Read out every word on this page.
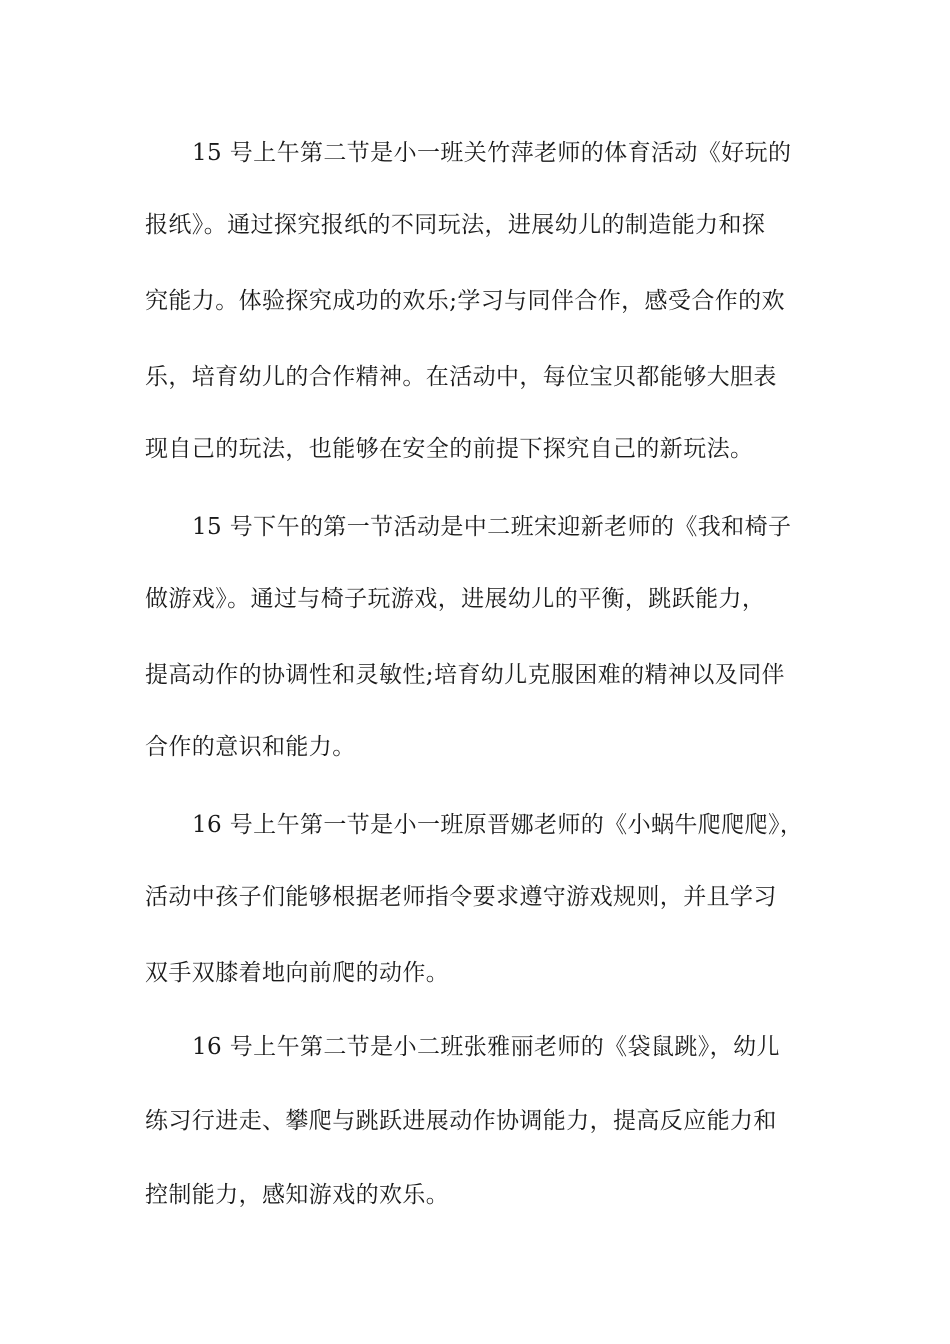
15 号上午第二节是小一班关竹萍老师的体育活动《好玩的
报纸》。通过探究报纸的不同玩法，进展幼儿的制造能力和探
究能力。体验探究成功的欢乐;学习与同伴合作，感受合作的欢
乐，培育幼儿的合作精神。在活动中，每位宝贝都能够大胆表
现自己的玩法，也能够在安全的前提下探究自己的新玩法。
15 号下午的第一节活动是中二班宋迎新老师的《我和椅子
做游戏》。通过与椅子玩游戏，进展幼儿的平衡，跳跃能力，
提高动作的协调性和灵敏性;培育幼儿克服困难的精神以及同伴
合作的意识和能力。
16 号上午第一节是小一班原晋娜老师的《小蜗牛爬爬爬》，
活动中孩子们能够根据老师指令要求遵守游戏规则，并且学习
双手双膝着地向前爬的动作。
16 号上午第二节是小二班张雅丽老师的《袋鼠跳》，幼儿
练习行进走、攀爬与跳跃进展动作协调能力，提高反应能力和
控制能力，感知游戏的欢乐。
